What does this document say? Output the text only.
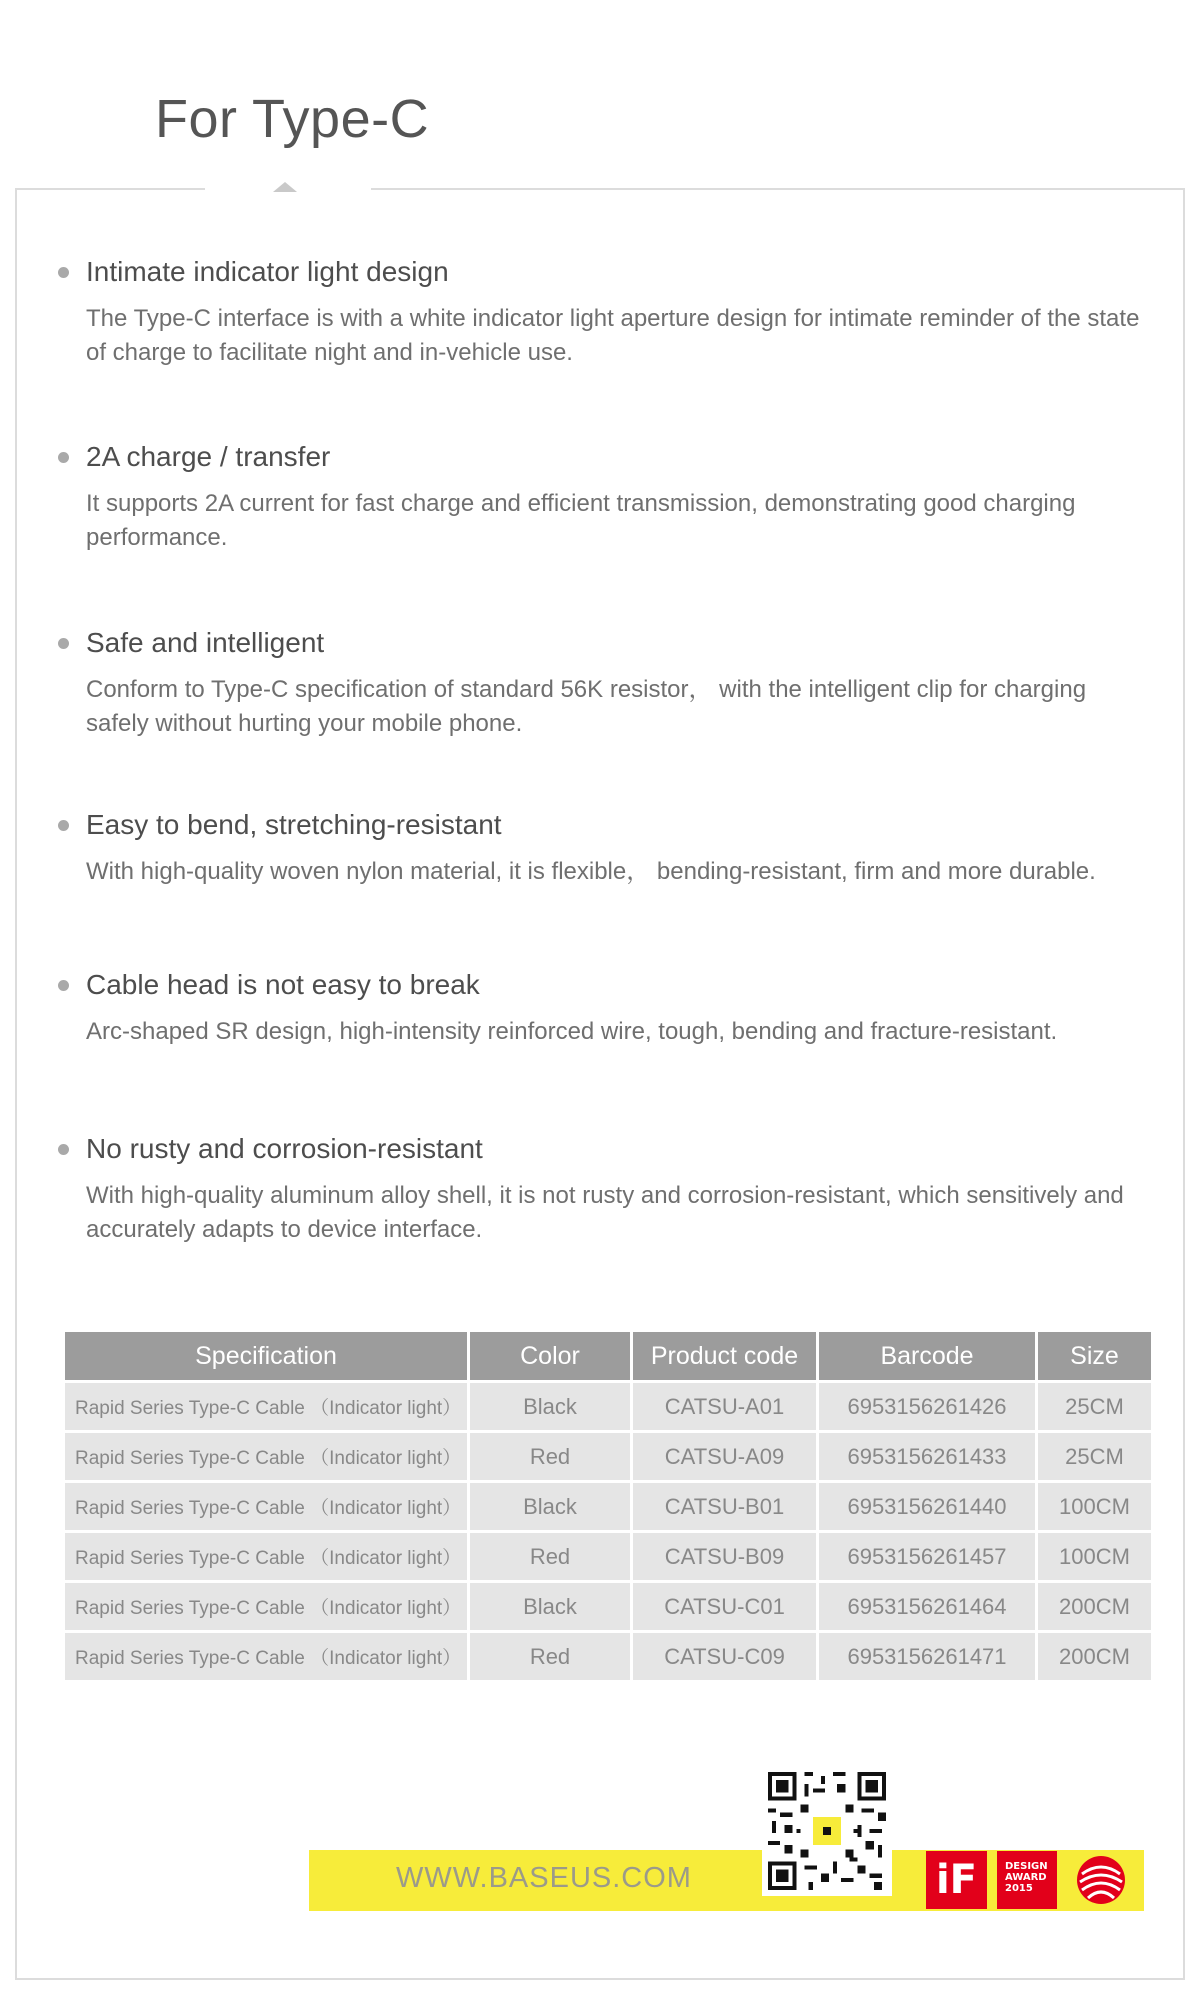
For Type-C
Intimate indicator light design
The Type-C interface is with a white indicator light aperture design for intimate reminder of the state of charge to facilitate night and in-vehicle use.
2A charge / transfer
It supports 2A current for fast charge and efficient transmission, demonstrating good charging performance.
Safe and intelligent
Conform to Type-C specification of standard 56K resistor， with the intelligent clip for charging safely without hurting your mobile phone.
Easy to bend, stretching-resistant
With high-quality woven nylon material, it is flexible， bending-resistant, firm and more durable.
Cable head is not easy to break
Arc-shaped SR design, high-intensity reinforced wire, tough, bending and fracture-resistant.
No rusty and corrosion-resistant
With high-quality aluminum alloy shell, it is not rusty and corrosion-resistant, which sensitively and accurately adapts to device interface.
Specification	Color	Product code	Barcode	Size
Rapid Series Type-C Cable （Indicator light）	Black	CATSU-A01	6953156261426	25CM
Rapid Series Type-C Cable （Indicator light）	Red	CATSU-A09	6953156261433	25CM
Rapid Series Type-C Cable （Indicator light）	Black	CATSU-B01	6953156261440	100CM
Rapid Series Type-C Cable （Indicator light）	Red	CATSU-B09	6953156261457	100CM
Rapid Series Type-C Cable （Indicator light）	Black	CATSU-C01	6953156261464	200CM
Rapid Series Type-C Cable （Indicator light）	Red	CATSU-C09	6953156261471	200CM
WWW.BASEUS.COM	iF	DESIGN
AWARD
2015
